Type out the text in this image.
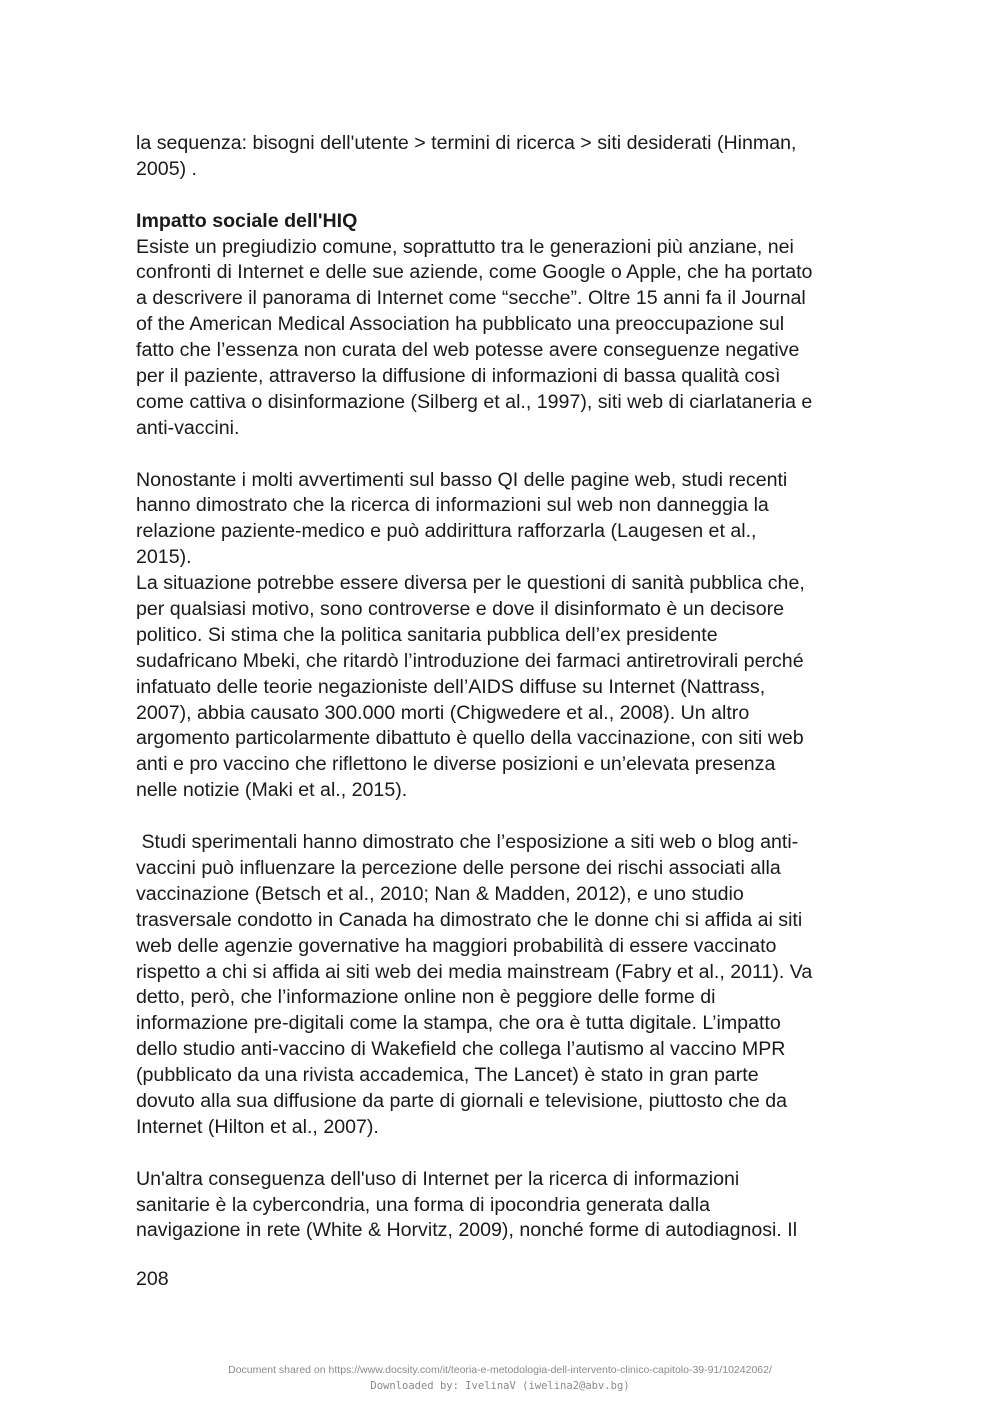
la sequenza: bisogni dell'utente > termini di ricerca > siti desiderati (Hinman,
2005) .
Impatto sociale dell'HIQ
Esiste un pregiudizio comune, soprattutto tra le generazioni più anziane, nei
confronti di Internet e delle sue aziende, come Google o Apple, che ha portato
a descrivere il panorama di Internet come “secche”. Oltre 15 anni fa il Journal
of the American Medical Association ha pubblicato una preoccupazione sul
fatto che l’essenza non curata del web potesse avere conseguenze negative
per il paziente, attraverso la diffusione di informazioni di bassa qualità così
come cattiva o disinformazione (Silberg et al., 1997), siti web di ciarlataneria e
anti-vaccini.
Nonostante i molti avvertimenti sul basso QI delle pagine web, studi recenti
hanno dimostrato che la ricerca di informazioni sul web non danneggia la
relazione paziente-medico e può addirittura rafforzarla (Laugesen et al.,
2015).
La situazione potrebbe essere diversa per le questioni di sanità pubblica che,
per qualsiasi motivo, sono controverse e dove il disinformato è un decisore
politico. Si stima che la politica sanitaria pubblica dell’ex presidente
sudafricano Mbeki, che ritardò l’introduzione dei farmaci antiretrovirali perché
infatuato delle teorie negazioniste dell’AIDS diffuse su Internet (Nattrass,
2007), abbia causato 300.000 morti (Chigwedere et al., 2008). Un altro
argomento particolarmente dibattuto è quello della vaccinazione, con siti web
anti e pro vaccino che riflettono le diverse posizioni e un’elevata presenza
nelle notizie (Maki et al., 2015).
Studi sperimentali hanno dimostrato che l’esposizione a siti web o blog anti-
vaccini può influenzare la percezione delle persone dei rischi associati alla
vaccinazione (Betsch et al., 2010; Nan & Madden, 2012), e uno studio
trasversale condotto in Canada ha dimostrato che le donne chi si affida ai siti
web delle agenzie governative ha maggiori probabilità di essere vaccinato
rispetto a chi si affida ai siti web dei media mainstream (Fabry et al., 2011). Va
detto, però, che l’informazione online non è peggiore delle forme di
informazione pre-digitali come la stampa, che ora è tutta digitale. L’impatto
dello studio anti-vaccino di Wakefield che collega l’autismo al vaccino MPR
(pubblicato da una rivista accademica, The Lancet) è stato in gran parte
dovuto alla sua diffusione da parte di giornali e televisione, piuttosto che da
Internet (Hilton et al., 2007).
Un'altra conseguenza dell'uso di Internet per la ricerca di informazioni
sanitarie è la cybercondria, una forma di ipocondria generata dalla
navigazione in rete (White & Horvitz, 2009), nonché forme di autodiagnosi. Il
208
Document shared on https://www.docsity.com/it/teoria-e-metodologia-dell-intervento-clinico-capitolo-39-91/10242062/
Downloaded by: IvelinaV (iwelina2@abv.bg)
